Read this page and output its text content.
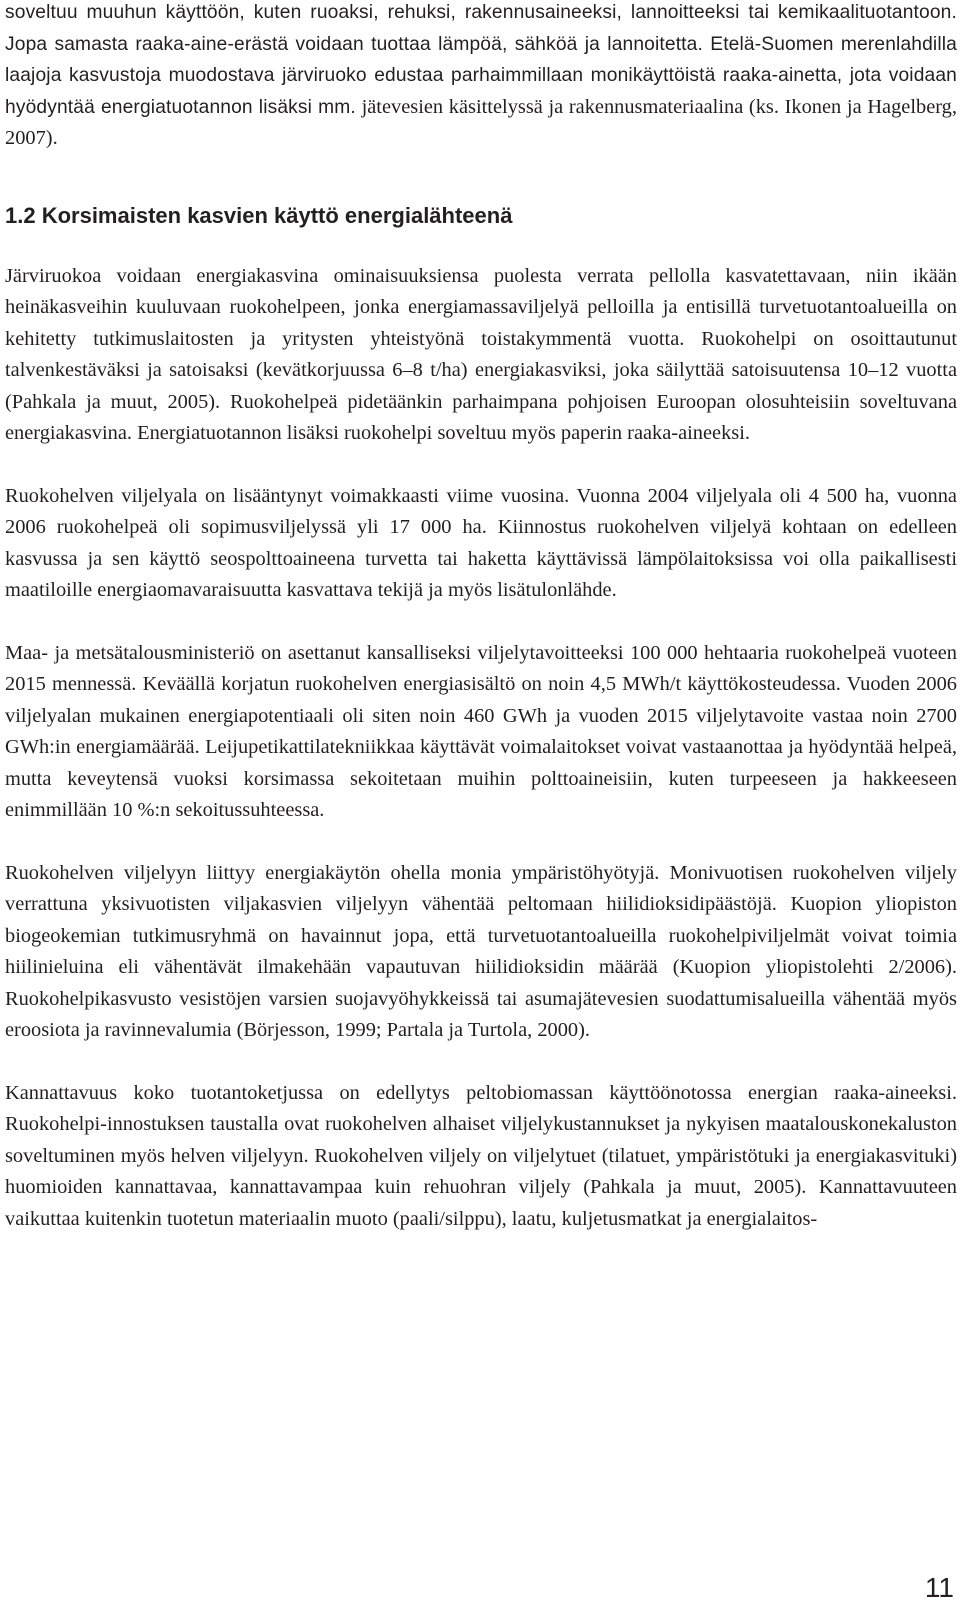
soveltuu muuhun käyttöön, kuten ruoaksi, rehuksi, rakennusaineeksi, lannoitteeksi tai kemikaalituotantoon. Jopa samasta raaka-aine-erästä voidaan tuottaa lämpöä, sähköä ja lannoitetta. Etelä-Suomen merenlahdilla laajoja kasvustoja muodostava järviruoko edustaa parhaimmillaan monikäyttöistä raaka-ainetta, jota voidaan hyödyntää energiatuotannon lisäksi mm. jätevesien käsittelyssä ja rakennusmateriaalina (ks. Ikonen ja Hagelberg, 2007).

1.2 Korsimaisten kasvien käyttö energialähteenä

Järviruokoa voidaan energiakasvina ominaisuuksiensa puolesta verrata pellolla kasvatettavaan, niin ikään heinäkasveihin kuuluvaan ruokohelpeen, jonka energiamassaviljelyä pelloilla ja entisillä turvetuotantoalueilla on kehitetty tutkimuslaitosten ja yritysten yhteistyönä toistakymmentä vuotta. Ruokohelpi on osoittautunut talvenkestäväksi ja satoisaksi (kevätkorjuussa 6–8 t/ha) energiakasviksi, joka säilyttää satoisuutensa 10–12 vuotta (Pahkala ja muut, 2005). Ruokohelpeä pidetäänkin parhaimpana pohjoisen Euroopan olosuhteisiin soveltuvana energiakasvina. Energiatuotannon lisäksi ruokohelpi soveltuu myös paperin raaka-aineeksi.

Ruokohelven viljelyala on lisääntynyt voimakkaasti viime vuosina. Vuonna 2004 viljelyala oli 4 500 ha, vuonna 2006 ruokohelpeä oli sopimusviljelyssä yli 17 000 ha. Kiinnostus ruokohelven viljelyä kohtaan on edelleen kasvussa ja sen käyttö seospolttoaineena turvetta tai haketta käyttävissä lämpölaitoksissa voi olla paikallisesti maatiloille energiaomavaraisuutta kasvattava tekijä ja myös lisätulonlähde.

Maa- ja metsätalousministeriö on asettanut kansalliseksi viljelytavoitteeksi 100 000 hehtaaria ruokohelpeä vuoteen 2015 mennessä. Keväällä korjatun ruokohelven energiasisältö on noin 4,5 MWh/t käyttökosteudessa. Vuoden 2006 viljelyalan mukainen energiapotentiaali oli siten noin 460 GWh ja vuoden 2015 viljelytavoite vastaa noin 2700 GWh:in energiamäärää. Leijupetikattilatekniikkaa käyttävät voimalaitokset voivat vastaanottaa ja hyödyntää helpeä, mutta keveytensä vuoksi korsimassa sekoitetaan muihin polttoaineisiin, kuten turpeeseen ja hakkeeseen enimmillään 10 %:n sekoitussuhteessa.

Ruokohelven viljelyyn liittyy energiakäytön ohella monia ympäristöhyötyjä. Monivuotisen ruokohelven viljely verrattuna yksivuotisten viljakasvien viljelyyn vähentää peltomaan hiilidioksidipäästöjä. Kuopion yliopiston biogeokemian tutkimusryhmä on havainnut jopa, että turvetuotantoalueilla ruokohelpiviljelmät voivat toimia hiilinieluina eli vähentävät ilmakehään vapautuvan hiilidioksidin määrää (Kuopion yliopistolehti 2/2006). Ruokohelpikasvusto vesistöjen varsien suojavyöhykkeissä tai asumajätevesien suodattumisalueilla vähentää myös eroosiota ja ravinnevalumia (Börjesson, 1999; Partala ja Turtola, 2000).

Kannattavuus koko tuotantoketjussa on edellytys peltobiomassan käyttöönotossa energian raaka-aineeksi. Ruokohelpi-innostuksen taustalla ovat ruokohelven alhaiset viljelykustannukset ja nykyisen maatalouskonekaluston soveltuminen myös helven viljelyyn. Ruokohelven viljely on viljelytuet (tilatuet, ympäristötuki ja energiakasvituki) huomioiden kannattavaa, kannattavampaa kuin rehuohran viljely (Pahkala ja muut, 2005). Kannattavuuteen vaikuttaa kuitenkin tuotetun materiaalin muoto (paali/silppu), laatu, kuljetusmatkat ja energialaitos-

11
